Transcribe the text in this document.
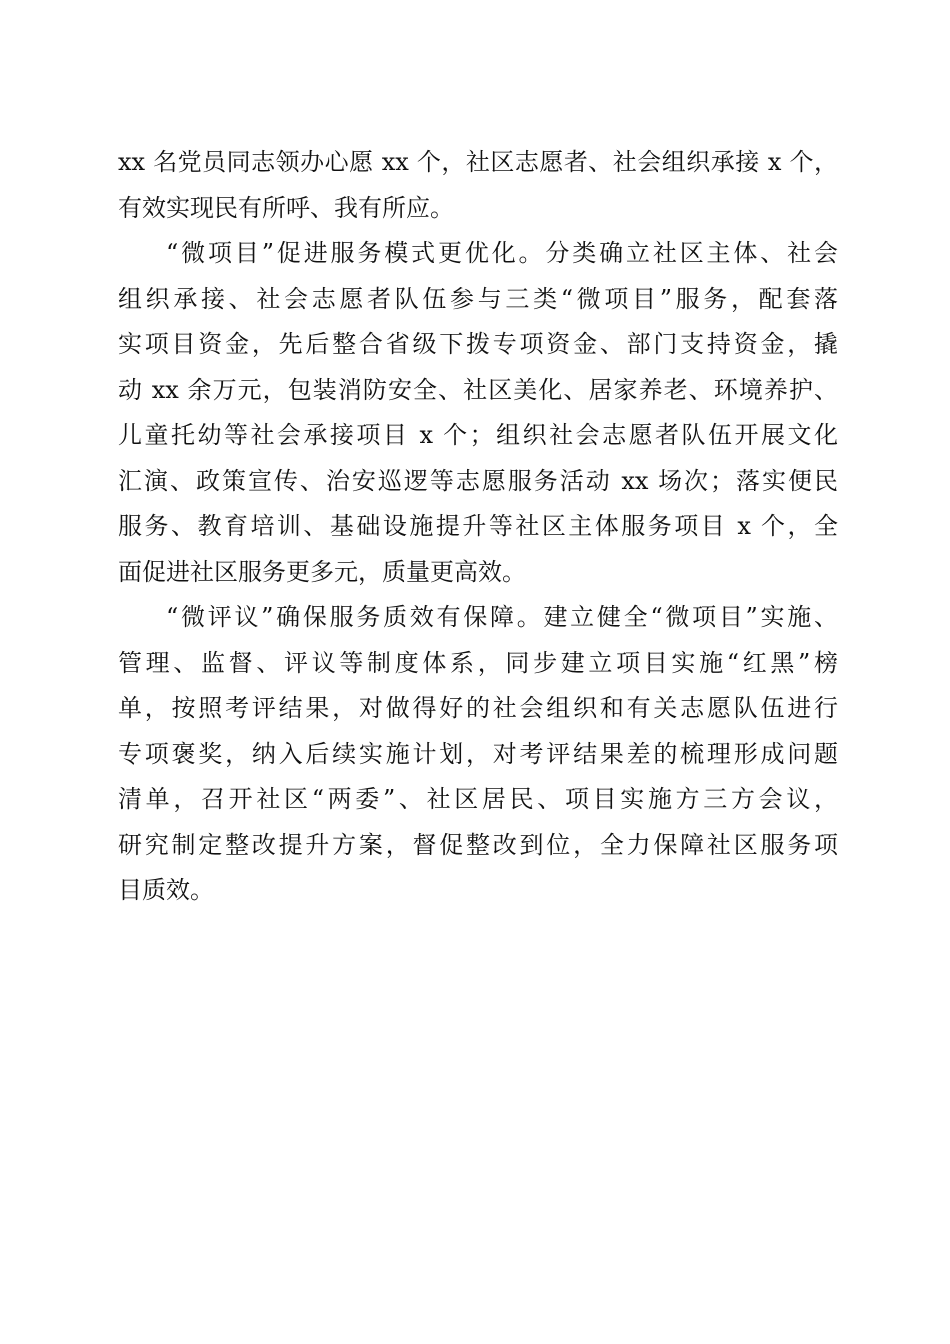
xx 名党员同志领办心愿 xx 个，社区志愿者、社会组织承接 x 个，
有效实现民有所呼、我有所应。
“微项目”促进服务模式更优化。分类确立社区主体、社会
组织承接、社会志愿者队伍参与三类“微项目”服务，配套落
实项目资金，先后整合省级下拨专项资金、部门支持资金，撬
动 xx 余万元，包装消防安全、社区美化、居家养老、环境养护、
儿童托幼等社会承接项目 x 个；组织社会志愿者队伍开展文化
汇演、政策宣传、治安巡逻等志愿服务活动 xx 场次；落实便民
服务、教育培训、基础设施提升等社区主体服务项目 x 个，全
面促进社区服务更多元，质量更高效。
“微评议”确保服务质效有保障。建立健全“微项目”实施、
管理、监督、评议等制度体系，同步建立项目实施“红黑”榜
单，按照考评结果，对做得好的社会组织和有关志愿队伍进行
专项褒奖，纳入后续实施计划，对考评结果差的梳理形成问题
清单，召开社区“两委”、社区居民、项目实施方三方会议，
研究制定整改提升方案，督促整改到位，全力保障社区服务项
目质效。
